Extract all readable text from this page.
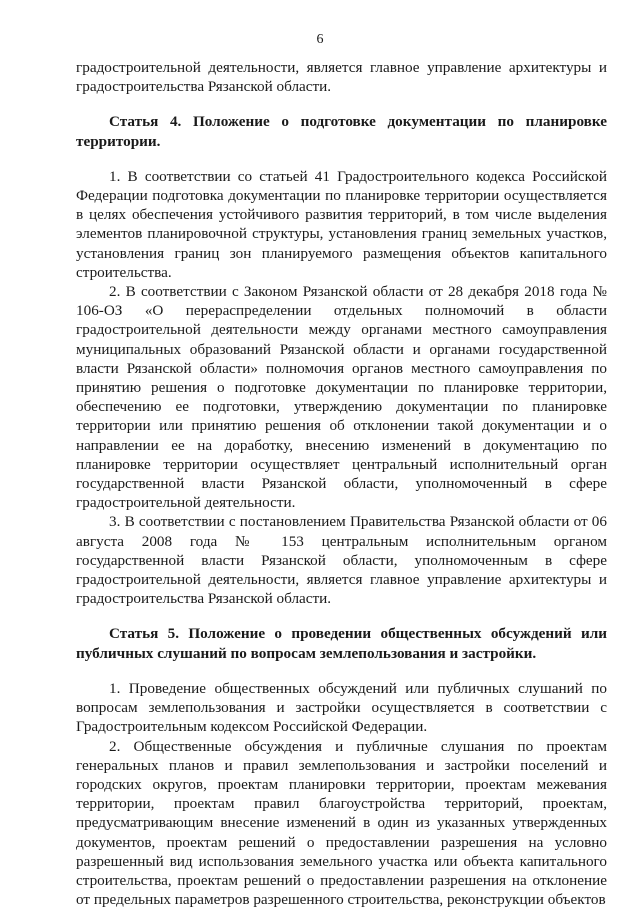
6

градостроительной деятельности, является главное управление архитектуры и градостроительства Рязанской области.

Статья 4. Положение о подготовке документации по планировке территории.

1. В соответствии со статьей 41 Градостроительного кодекса Российской Федерации подготовка документации по планировке территории осуществляется в целях обеспечения устойчивого развития территорий, в том числе выделения элементов планировочной структуры, установления границ земельных участков, установления границ зон планируемого размещения объектов капитального строительства.

2. В соответствии с Законом Рязанской области от 28 декабря 2018 года № 106-ОЗ «О перераспределении отдельных полномочий в области градостроительной деятельности между органами местного самоуправления муниципальных образований Рязанской области и органами государственной власти Рязанской области» полномочия органов местного самоуправления по принятию решения о подготовке документации по планировке территории, обеспечению ее подготовки, утверждению документации по планировке территории или принятию решения об отклонении такой документации и о направлении ее на доработку, внесению изменений в документацию по планировке территории осуществляет центральный исполнительный орган государственной власти Рязанской области, уполномоченный в сфере градостроительной деятельности.

3. В соответствии с постановлением Правительства Рязанской области от 06 августа 2008 года № 153 центральным исполнительным органом государственной власти Рязанской области, уполномоченным в сфере градостроительной деятельности, является главное управление архитектуры и градостроительства Рязанской области.

Статья 5. Положение о проведении общественных обсуждений или публичных слушаний по вопросам землепользования и застройки.

1. Проведение общественных обсуждений или публичных слушаний по вопросам землепользования и застройки осуществляется в соответствии с Градостроительным кодексом Российской Федерации.

2. Общественные обсуждения и публичные слушания по проектам генеральных планов и правил землепользования и застройки поселений и городских округов, проектам планировки территории, проектам межевания территории, проектам правил благоустройства территорий, проектам, предусматривающим внесение изменений в один из указанных утвержденных документов, проектам решений о предоставлении разрешения на условно разрешенный вид использования земельного участка или объекта капитального строительства, проектам решений о предоставлении разрешения на отклонение от предельных параметров разрешенного строительства, реконструкции объектов
